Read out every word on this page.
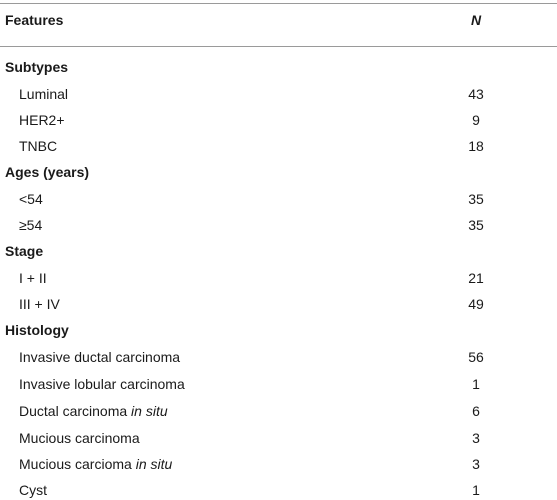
Features	N
Subtypes
Luminal	43
HER2+	9
TNBC	18
Ages (years)
<54	35
≥54	35
Stage
I + II	21
III + IV	49
Histology
Invasive ductal carcinoma	56
Invasive lobular carcinoma	1
Ductal carcinoma in situ	6
Mucious carcinoma	3
Mucious carcioma in situ	3
Cyst	1
